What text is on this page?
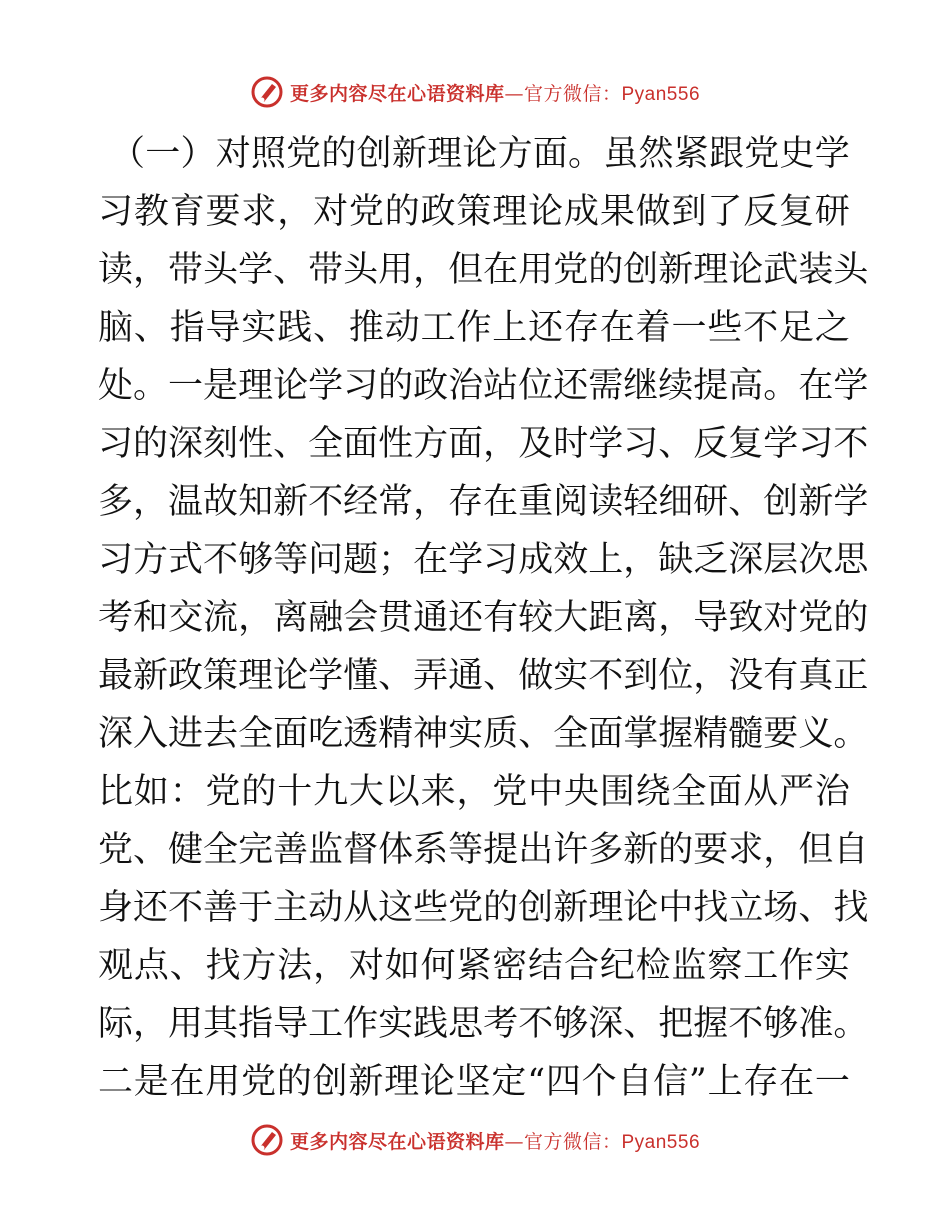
更多内容尽在心语资料库—官方微信：Pyan556
（ 一 ） 对 照 党 的 创 新 理 论 方 面 。 虽 然 紧 跟 党 史 学
习 教 育 要 求 ， 对 党 的 政 策 理 论 成 果 做 到 了 反 复 研
读 ， 带 头 学 、 带 头 用 ， 但 在 用 党 的 创 新 理 论 武 装 头
脑 、 指 导 实 践 、 推 动 工 作 上 还 存 在 着 一 些 不 足 之
处 。 一 是 理 论 学 习 的 政 治 站 位 还 需 继 续 提 高 。 在 学
习 的 深 刻 性 、 全 面 性 方 面 ， 及 时 学 习 、 反 复 学 习 不
多 ， 温 故 知 新 不 经 常 ， 存 在 重 阅 读 轻 细 研 、 创 新 学
习 方 式 不 够 等 问 题 ； 在 学 习 成 效 上 ， 缺 乏 深 层 次 思
考 和 交 流 ， 离 融 会 贯 通 还 有 较 大 距 离 ， 导 致 对 党 的
最 新 政 策 理 论 学 懂 、 弄 通 、 做 实 不 到 位 ， 没 有 真 正
深 入 进 去 全 面 吃 透 精 神 实 质 、 全 面 掌 握 精 髓 要 义 。
比 如 ： 党 的 十 九 大 以 来 ， 党 中 央 围 绕 全 面 从 严 治
党 、 健 全 完 善 监 督 体 系 等 提 出 许 多 新 的 要 求 ， 但 自
身 还 不 善 于 主 动 从 这 些 党 的 创 新 理 论 中 找 立 场 、 找
观 点 、 找 方 法 ， 对 如 何 紧 密 结 合 纪 检 监 察 工 作 实
际 ， 用 其 指 导 工 作 实 践 思 考 不 够 深 、 把 握 不 够 准 。
二 是 在 用 党 的 创 新 理 论 坚 定 “ 四 个 自 信 ” 上 存 在 一
更多内容尽在心语资料库—官方微信：Pyan556
